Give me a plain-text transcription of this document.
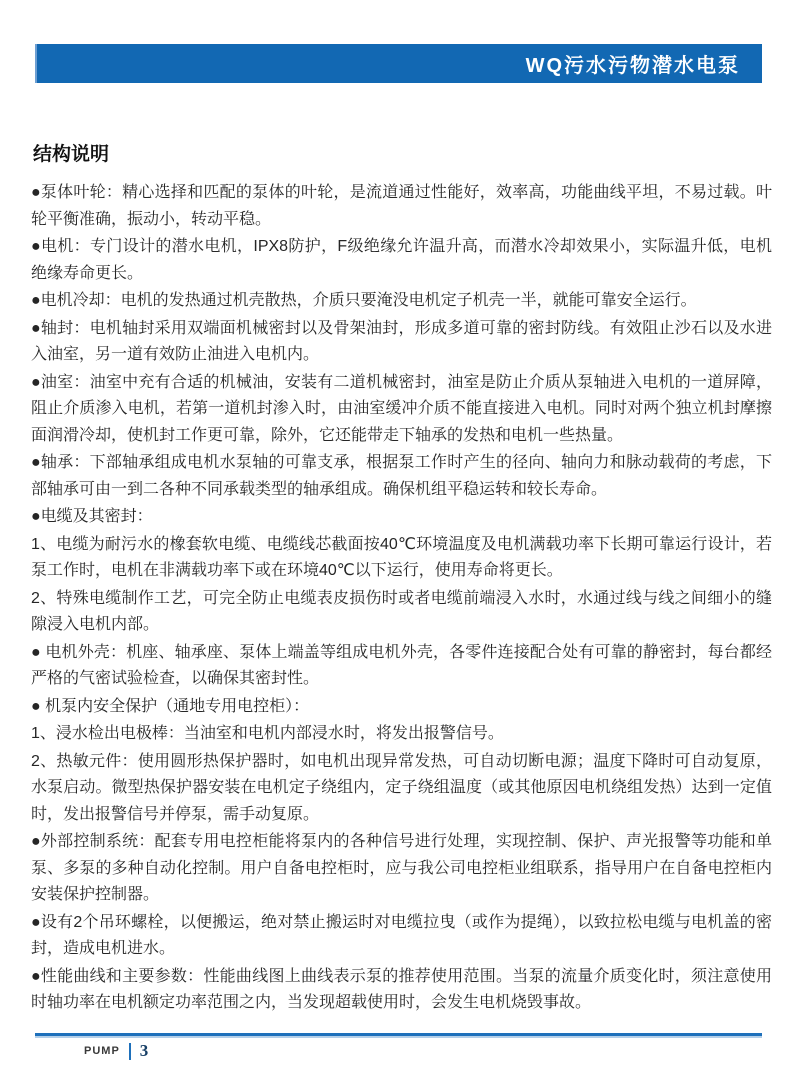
WQ污水污物潜水电泵
结构说明

●泵体叶轮：精心选择和匹配的泵体的叶轮，是流道通过性能好，效率高，功能曲线平坦，不易过载。叶轮平衡准确，振动小，转动平稳。

●电机：专门设计的潜水电机，IPX8防护，F级绝缘允许温升高，而潜水冷却效果小，实际温升低，电机绝缘寿命更长。

●电机冷却：电机的发热通过机壳散热，介质只要淹没电机定子机壳一半，就能可靠安全运行。

●轴封：电机轴封采用双端面机械密封以及骨架油封，形成多道可靠的密封防线。有效阻止沙石以及水进入油室，另一道有效防止油进入电机内。

●油室：油室中充有合适的机械油，安装有二道机械密封，油室是防止介质从泵轴进入电机的一道屏障，阻止介质渗入电机，若第一道机封渗入时，由油室缓冲介质不能直接进入电机。同时对两个独立机封摩擦面润滑冷却，使机封工作更可靠，除外，它还能带走下轴承的发热和电机一些热量。

●轴承：下部轴承组成电机水泵轴的可靠支承，根据泵工作时产生的径向、轴向力和脉动载荷的考虑，下部轴承可由一到二各种不同承载类型的轴承组成。确保机组平稳运转和较长寿命。

●电缆及其密封：

1、电缆为耐污水的橡套软电缆、电缆线芯截面按40℃环境温度及电机满载功率下长期可靠运行设计，若泵工作时，电机在非满载功率下或在环境40℃以下运行，使用寿命将更长。

2、特殊电缆制作工艺，可完全防止电缆表皮损伤时或者电缆前端浸入水时，水通过线与线之间细小的缝隙浸入电机内部。

● 电机外壳：机座、轴承座、泵体上端盖等组成电机外壳，各零件连接配合处有可靠的静密封，每台都经严格的气密试验检查，以确保其密封性。

● 机泵内安全保护（通地专用电控柜）：

1、浸水检出电极棒：当油室和电机内部浸水时，将发出报警信号。

2、热敏元件：使用圆形热保护器时，如电机出现异常发热，可自动切断电源；温度下降时可自动复原，水泵启动。微型热保护器安装在电机定子绕组内，定子绕组温度（或其他原因电机绕组发热）达到一定值时，发出报警信号并停泵，需手动复原。

●外部控制系统：配套专用电控柜能将泵内的各种信号进行处理，实现控制、保护、声光报警等功能和单泵、多泵的多种自动化控制。用户自备电控柜时，应与我公司电控柜业组联系，指导用户在自备电控柜内安装保护控制器。

●设有2个吊环螺栓，以便搬运，绝对禁止搬运时对电缆拉曳（或作为提绳），以致拉松电缆与电机盖的密封，造成电机进水。

●性能曲线和主要参数：性能曲线图上曲线表示泵的推荐使用范围。当泵的流量介质变化时，须注意使用时轴功率在电机额定功率范围之内，当发现超载使用时，会发生电机烧毁事故。

PUMP 3
